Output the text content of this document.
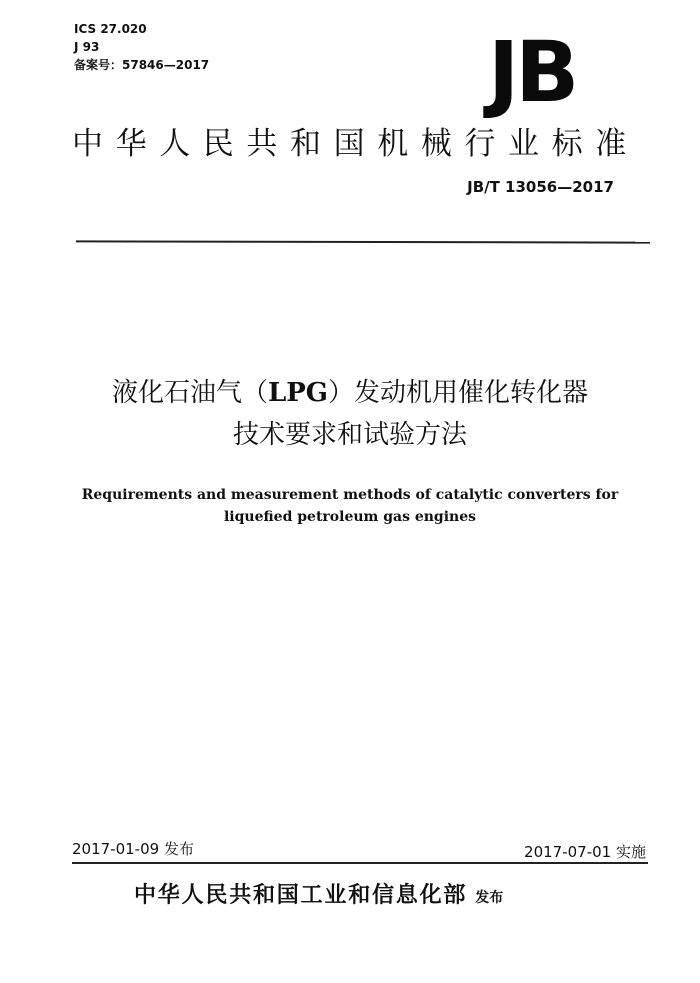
ICS 27.020
J 93
备案号：57846—2017	JB
中华人民共和国机械行业标准
JB/T 13056—2017
液化石油气（LPG）发动机用催化转化器
技术要求和试验方法
Requirements and measurement methods of catalytic converters for
liquefied petroleum gas engines
2017-01-09 发布	2017-07-01 实施
中华人民共和国工业和信息化部 发布
